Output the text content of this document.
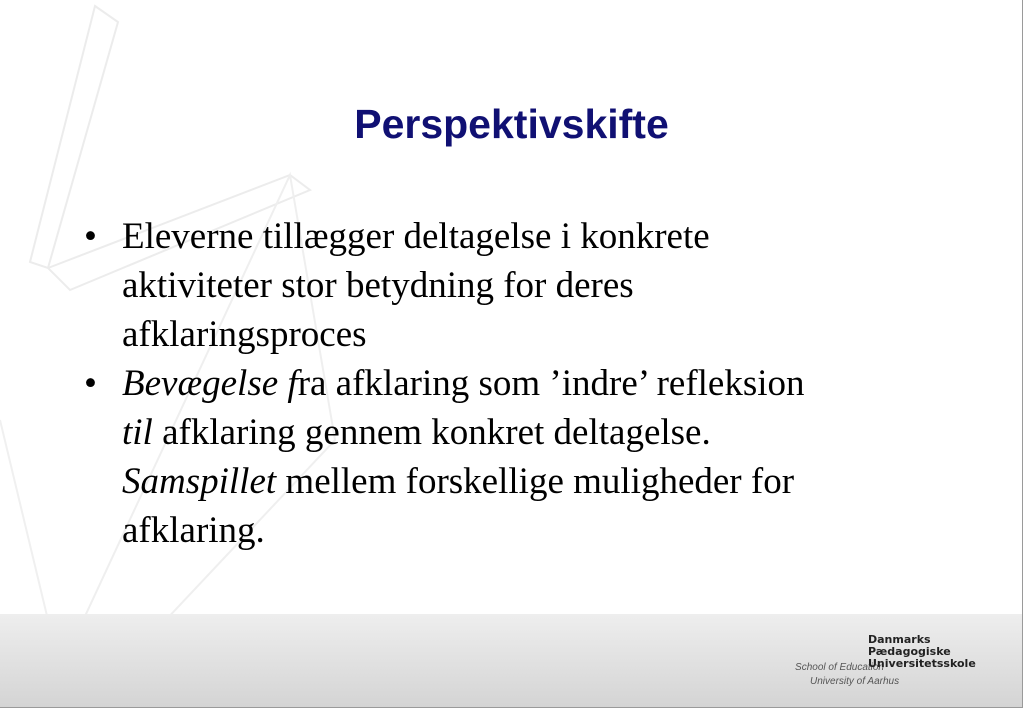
Perspektivskifte
• Eleverne tillægger deltagelse i konkrete
aktiviteter stor betydning for deres
afklaringsproces
• Bevægelse fra afklaring som ’indre’ refleksion
til afklaring gennem konkret deltagelse.
Samspillet mellem forskellige muligheder for
afklaring.
School of Education
Danmarks
Pædagogiske
Universitetsskole
University of Aarhus
